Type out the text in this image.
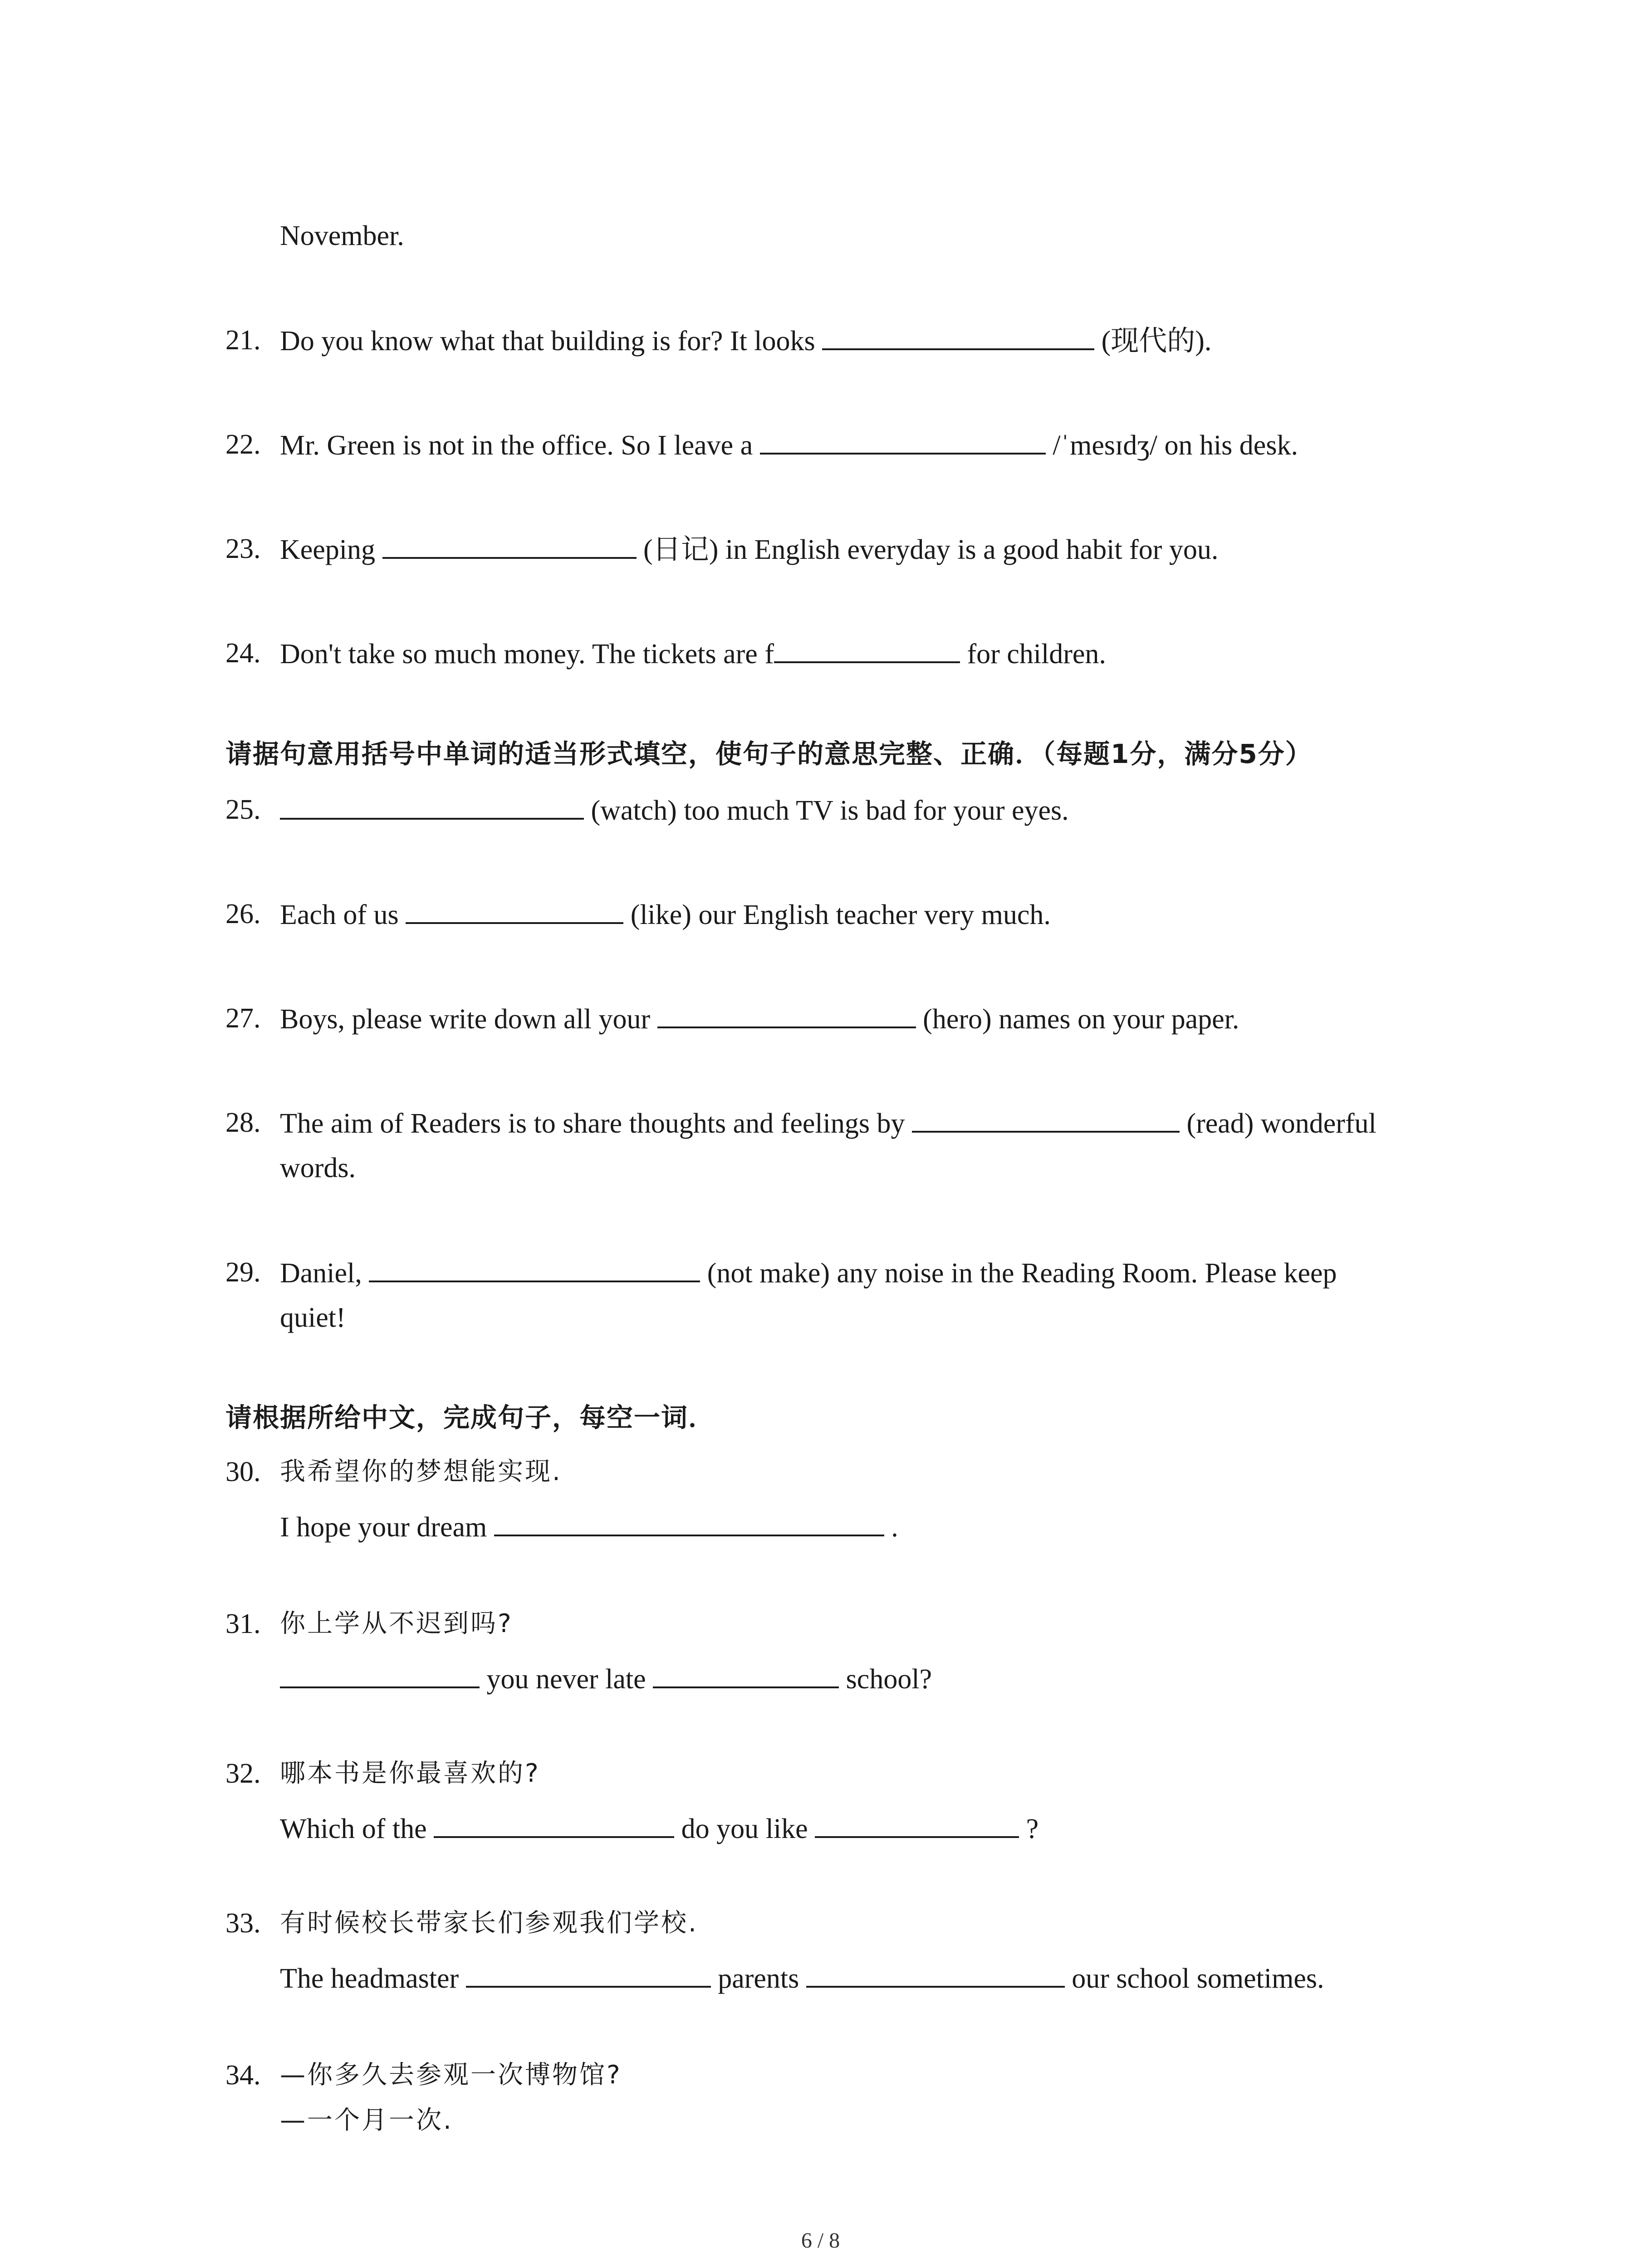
November.
21. Do you know what that building is for? It looks	(现代的).
22. Mr. Green is not in the office. So I leave a	/ˈmesɪdʒ/ on his desk.
23. Keeping	(日记) in English everyday is a good habit for you.
24. Don't take so much money. The tickets are f	for children.
请据句意用括号中单词的适当形式填空，使句子的意思完整、正确．（每题1分，满分5分）
25.	(watch) too much TV is bad for your eyes.
26. Each of us	(like) our English teacher very much.
27. Boys, please write down all your	(hero) names on your paper.
28. The aim of Readers is to share thoughts and feelings by	(read) wonderful
words.
29. Daniel,	(not make) any noise in the Reading Room. Please keep
quiet!
请根据所给中文，完成句子，每空一词．
30. 我希望你的梦想能实现.
I hope your dream	.
31. 你上学从不迟到吗?
you never late	school?
32. 哪本书是你最喜欢的?
Which of the	do you like	?
33. 有时候校长带家长们参观我们学校.
The headmaster	parents	our school sometimes.
34. —你多久去参观一次博物馆?
—一个月一次.
6 / 8
